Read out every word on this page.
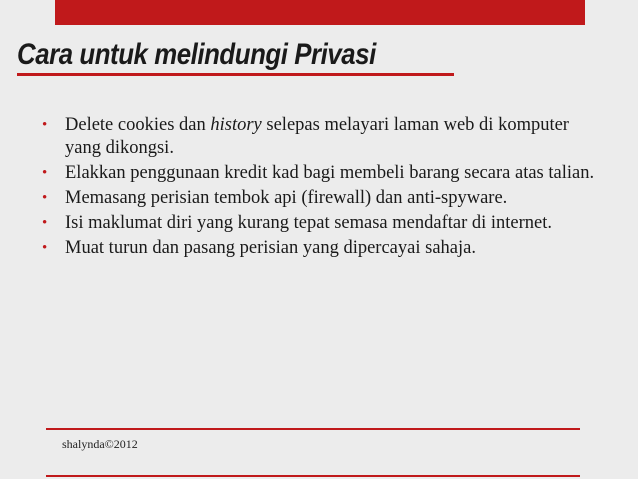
Cara untuk melindungi Privasi
• Delete cookies dan history selepas melayari laman web di komputer yang dikongsi.
• Elakkan penggunaan kredit kad bagi membeli barang secara atas talian.
• Memasang perisian tembok api (firewall) dan anti-spyware.
• Isi maklumat diri yang kurang tepat semasa mendaftar di internet.
• Muat turun dan pasang perisian yang dipercayai sahaja.
shalynda©2012
